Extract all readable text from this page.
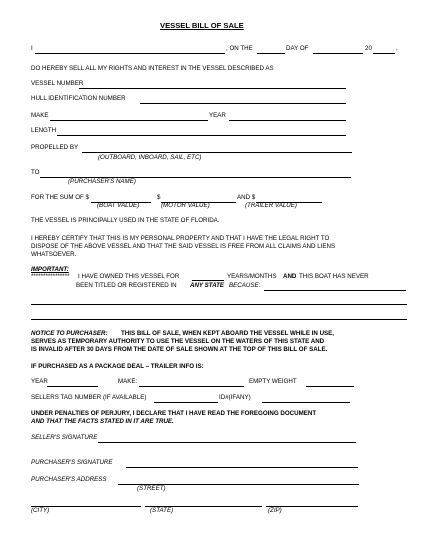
VESSEL BILL OF SALE
I	, ON THE	DAY OF	20	,
DO HEREBY SELL ALL MY RIGHTS AND INTEREST IN THE VESSEL DESCRIBED AS
VESSEL NUMBER
HULL IDENTIFICATION NUMBER
MAKE	YEAR
LENGTH
PROPELLED BY
(OUTBOARD, INBOARD, SAIL, ETC)
TO
(PURCHASER'S NAME)
FOR THE SUM OF $	$	AND $
(BOAT VALUE)	(MOTOR VALUE)	(TRAILER VALUE)
THE VESSEL IS PRINCIPALLY USED IN THE STATE OF FLORIDA.
I HEREBY CERTIFY THAT THIS IS MY PERSONAL PROPERTY AND THAT I HAVE THE LEGAL RIGHT TO
DISPOSE OF THE ABOVE VESSEL AND THAT THE SAID VESSEL IS FREE FROM ALL CLAIMS AND LIENS
WHATSOEVER.
IMPORTANT:
**************** I HAVE OWNED THIS VESSEL FOR	YEARS/MONTHS AND THIS BOAT HAS NEVER
BEEN TITLED OR REGISTERED IN ANY STATE BECAUSE:
NOTICE TO PURCHASER: THIS BILL OF SALE, WHEN KEPT ABOARD THE VESSEL WHILE IN USE,
SERVES AS TEMPORARY AUTHORITY TO USE THE VESSEL ON THE WATERS OF THIS STATE AND
IS INVALID AFTER 30 DAYS FROM THE DATE OF SALE SHOWN AT THE TOP OF THIS BILL OF SALE.
IF PURCHASED AS A PACKAGE DEAL – TRAILER INFO IS:
YEAR	MAKE:	EMPTY WEIGHT
SELLERS TAG NUMBER (IF AVAILABLE)	ID#(IFANY)
UNDER PENALTIES OF PERJURY, I DECLARE THAT I HAVE READ THE FOREGOING DOCUMENT
AND THAT THE FACTS STATED IN IT ARE TRUE.
SELLER'S SIGNATURE
PURCHASER'S SIGNATURE
PURCHASER'S ADDRESS
(STREET)
(CITY)	(STATE)	(ZIP)
